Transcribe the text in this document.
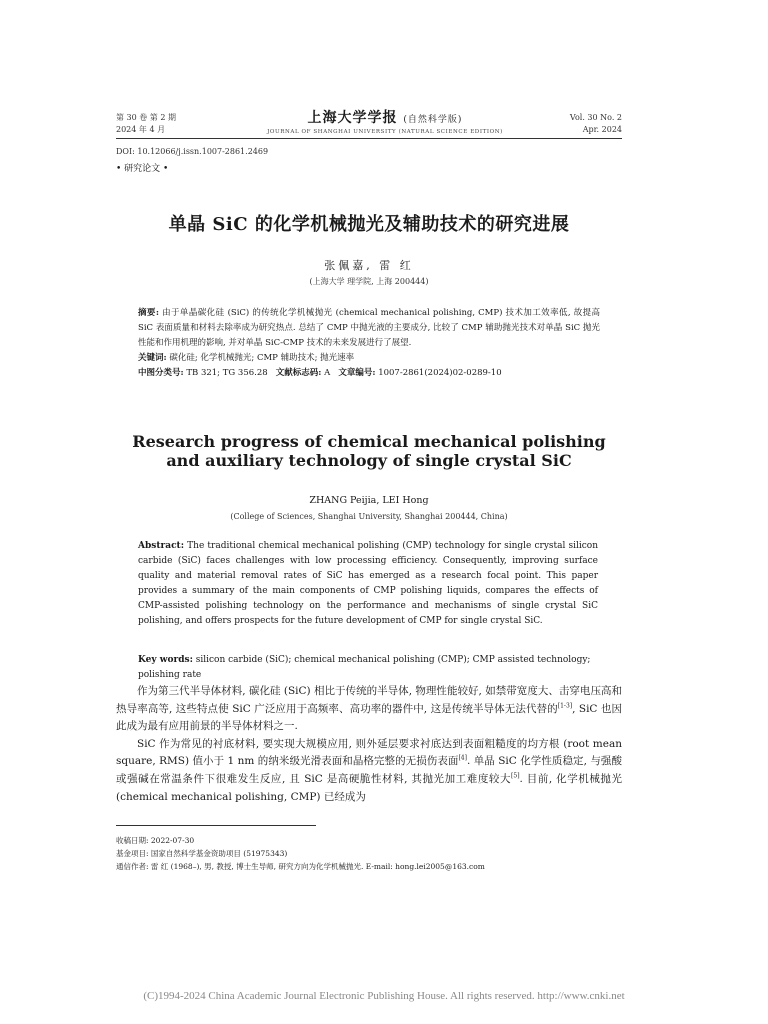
第 30 卷 第 2 期
2024 年 4 月
上海大学学报 (自然科学版)
JOURNAL OF SHANGHAI UNIVERSITY (NATURAL SCIENCE EDITION)
Vol. 30 No. 2
Apr. 2024
DOI: 10.12066/j.issn.1007-2861.2469
• 研究论文 •
单晶 SiC 的化学机械抛光及辅助技术的研究进展
张佩嘉, 雷 红
(上海大学 理学院, 上海 200444)
摘要: 由于单晶碳化硅 (SiC) 的传统化学机械抛光 (chemical mechanical polishing, CMP) 技术加工效率低, 故提高 SiC 表面质量和材料去除率成为研究热点. 总结了 CMP 中抛光液的主要成分, 比较了 CMP 辅助抛光技术对单晶 SiC 抛光性能和作用机理的影响, 并对单晶 SiC-CMP 技术的未来发展进行了展望.
关键词: 碳化硅; 化学机械抛光; CMP 辅助技术; 抛光速率
中图分类号: TB 321; TG 356.28 文献标志码: A 文章编号: 1007-2861(2024)02-0289-10
Research progress of chemical mechanical polishing and auxiliary technology of single crystal SiC
ZHANG Peijia, LEI Hong
(College of Sciences, Shanghai University, Shanghai 200444, China)
Abstract: The traditional chemical mechanical polishing (CMP) technology for single crystal silicon carbide (SiC) faces challenges with low processing efficiency. Consequently, improving surface quality and material removal rates of SiC has emerged as a research focal point. This paper provides a summary of the main components of CMP polishing liquids, compares the effects of CMP-assisted polishing technology on the performance and mechanisms of single crystal SiC polishing, and offers prospects for the future development of CMP for single crystal SiC.
Key words: silicon carbide (SiC); chemical mechanical polishing (CMP); CMP assisted technology; polishing rate

作为第三代半导体材料, 碳化硅 (SiC) 相比于传统的半导体, 物理性能较好, 如禁带宽度大、击穿电压高和热导率高等, 这些特点使 SiC 广泛应用于高频率、高功率的器件中, 这是传统半导体无法代替的[1-3], SiC 也因此成为最有应用前景的半导体材料之一.

SiC 作为常见的衬底材料, 要实现大规模应用, 则外延层要求衬底达到表面粗糙度的均方根 (root mean square, RMS) 值小于 1 nm 的纳米级光滑表面和晶格完整的无损伤表面[4]. 单晶 SiC 化学性质稳定, 与强酸或强碱在常温条件下很难发生反应, 且 SiC 是高硬脆性材料, 其抛光加工难度较大[5]. 目前, 化学机械抛光 (chemical mechanical polishing, CMP) 已经成为

收稿日期: 2022-07-30
基金项目: 国家自然科学基金资助项目 (51975343)
通信作者: 雷 红 (1968–), 男, 教授, 博士生导师, 研究方向为化学机械抛光. E-mail: hong.lei2005@163.com
(C)1994-2024 China Academic Journal Electronic Publishing House. All rights reserved. http://www.cnki.net
